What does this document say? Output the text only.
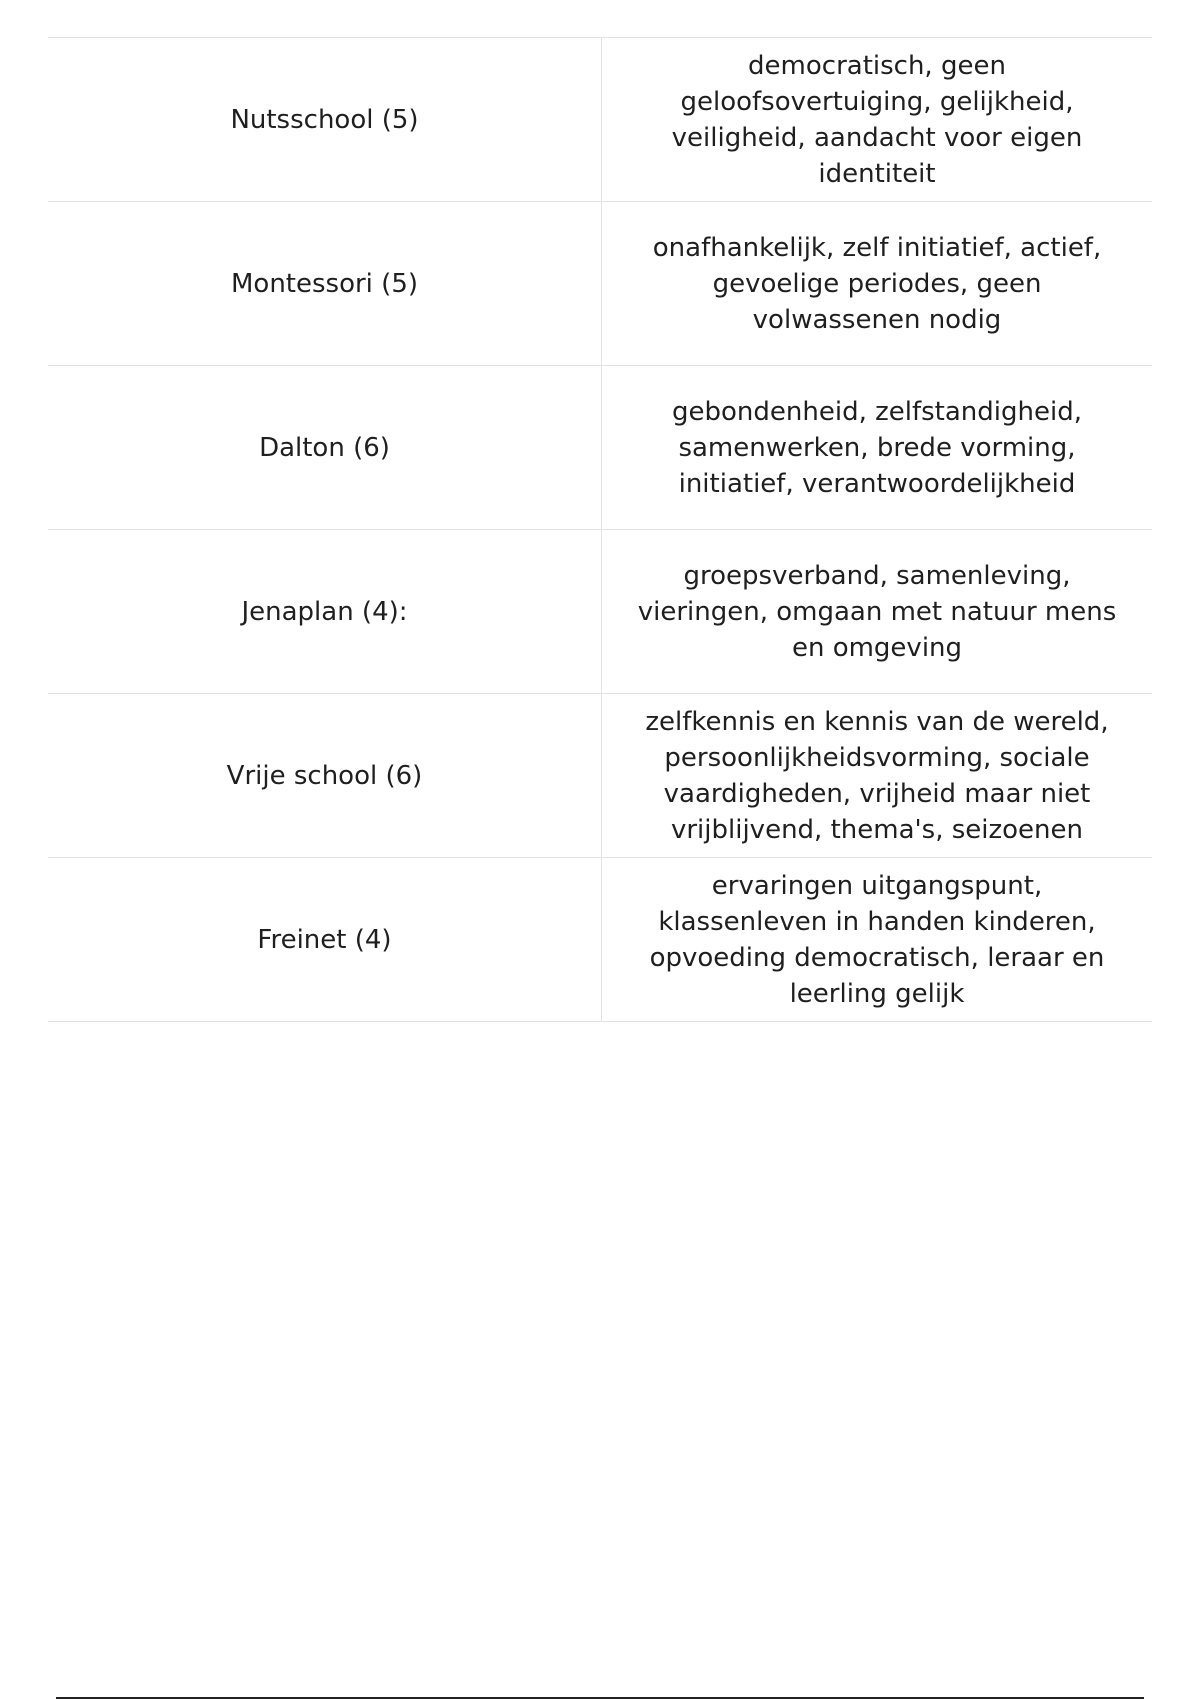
Nutsschool (5)
democratisch, geen geloofsovertuiging, gelijkheid, veiligheid, aandacht voor eigen identiteit
Montessori (5)
onafhankelijk, zelf initiatief, actief, gevoelige periodes, geen volwassenen nodig
Dalton (6)
gebondenheid, zelfstandigheid, samenwerken, brede vorming, initiatief, verantwoordelijkheid
Jenaplan (4):
groepsverband, samenleving, vieringen, omgaan met natuur mens en omgeving
Vrije school (6)
zelfkennis en kennis van de wereld, persoonlijkheidsvorming, sociale vaardigheden, vrijheid maar niet vrijblijvend, thema's, seizoenen
Freinet (4)
ervaringen uitgangspunt, klassenleven in handen kinderen, opvoeding democratisch, leraar en leerling gelijk
